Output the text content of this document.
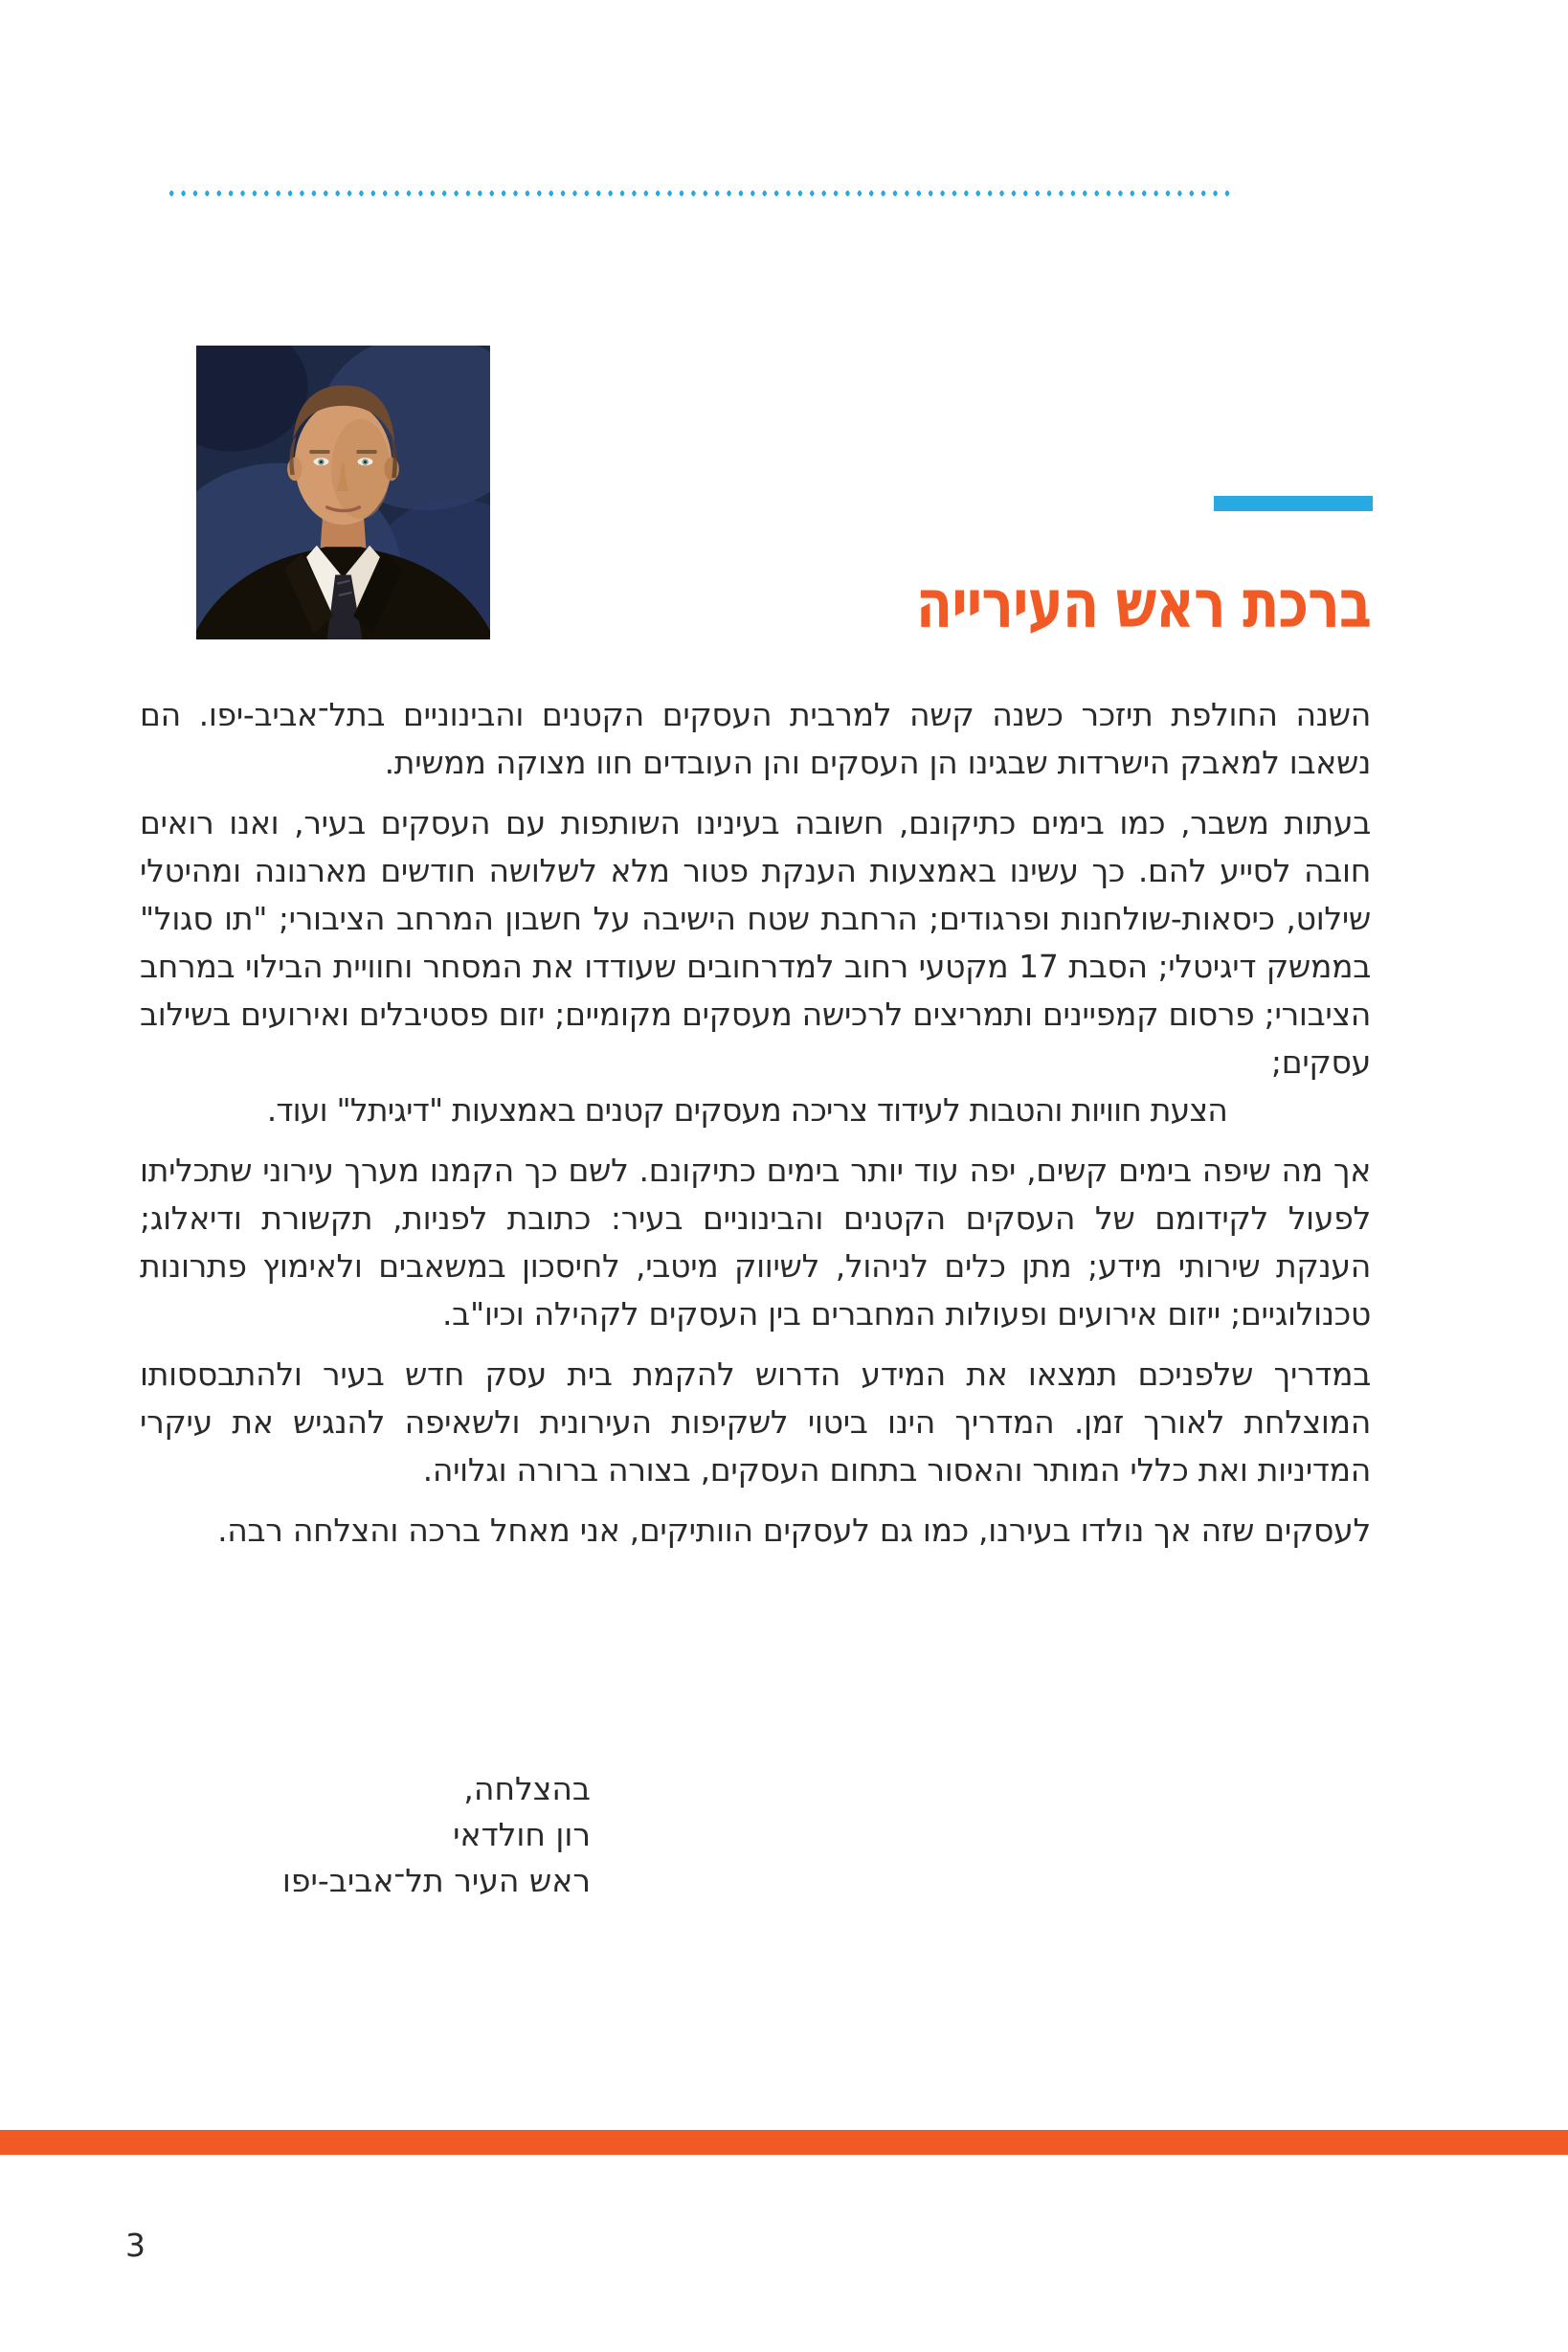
ברכת ראש העירייה

השנה החולפת תיזכר כשנה קשה למרבית העסקים הקטנים והבינוניים בתל־אביב-יפו. הם נשאבו למאבק הישרדות שבגינו הן העסקים והן העובדים חוו מצוקה ממשית.

בעתות משבר, כמו בימים כתיקונם, חשובה בעינינו השותפות עם העסקים בעיר, ואנו רואים חובה לסייע להם. כך עשינו באמצעות הענקת פטור מלא לשלושה חודשים מארנונה ומהיטלי שילוט, כיסאות-שולחנות ופרגודים; הרחבת שטח הישיבה על חשבון המרחב הציבורי; "תו סגול" בממשק דיגיטלי; הסבת 17 מקטעי רחוב למדרחובים שעודדו את המסחר וחוויית הבילוי במרחב הציבורי; פרסום קמפיינים ותמריצים לרכישה מעסקים מקומיים; יזום פסטיבלים ואירועים בשילוב עסקים;

הצעת חוויות והטבות לעידוד צריכה מעסקים קטנים באמצעות "דיגיתל" ועוד.

אך מה שיפה בימים קשים, יפה עוד יותר בימים כתיקונם. לשם כך הקמנו מערך עירוני שתכליתו לפעול לקידומם של העסקים הקטנים והבינוניים בעיר: כתובת לפניות, תקשורת ודיאלוג; הענקת שירותי מידע; מתן כלים לניהול, לשיווק מיטבי, לחיסכון במשאבים ולאימוץ פתרונות טכנולוגיים; ייזום אירועים ופעולות המחברים בין העסקים לקהילה וכיו"ב.

במדריך שלפניכם תמצאו את המידע הדרוש להקמת בית עסק חדש בעיר ולהתבססותו המוצלחת לאורך זמן. המדריך הינו ביטוי לשקיפות העירונית ולשאיפה להנגיש את עיקרי המדיניות ואת כללי המותר והאסור בתחום העסקים, בצורה ברורה וגלויה.

לעסקים שזה אך נולדו בעירנו, כמו גם לעסקים הוותיקים, אני מאחל ברכה והצלחה רבה.

בהצלחה,
רון חולדאי
ראש העיר תל־אביב-יפו
3
